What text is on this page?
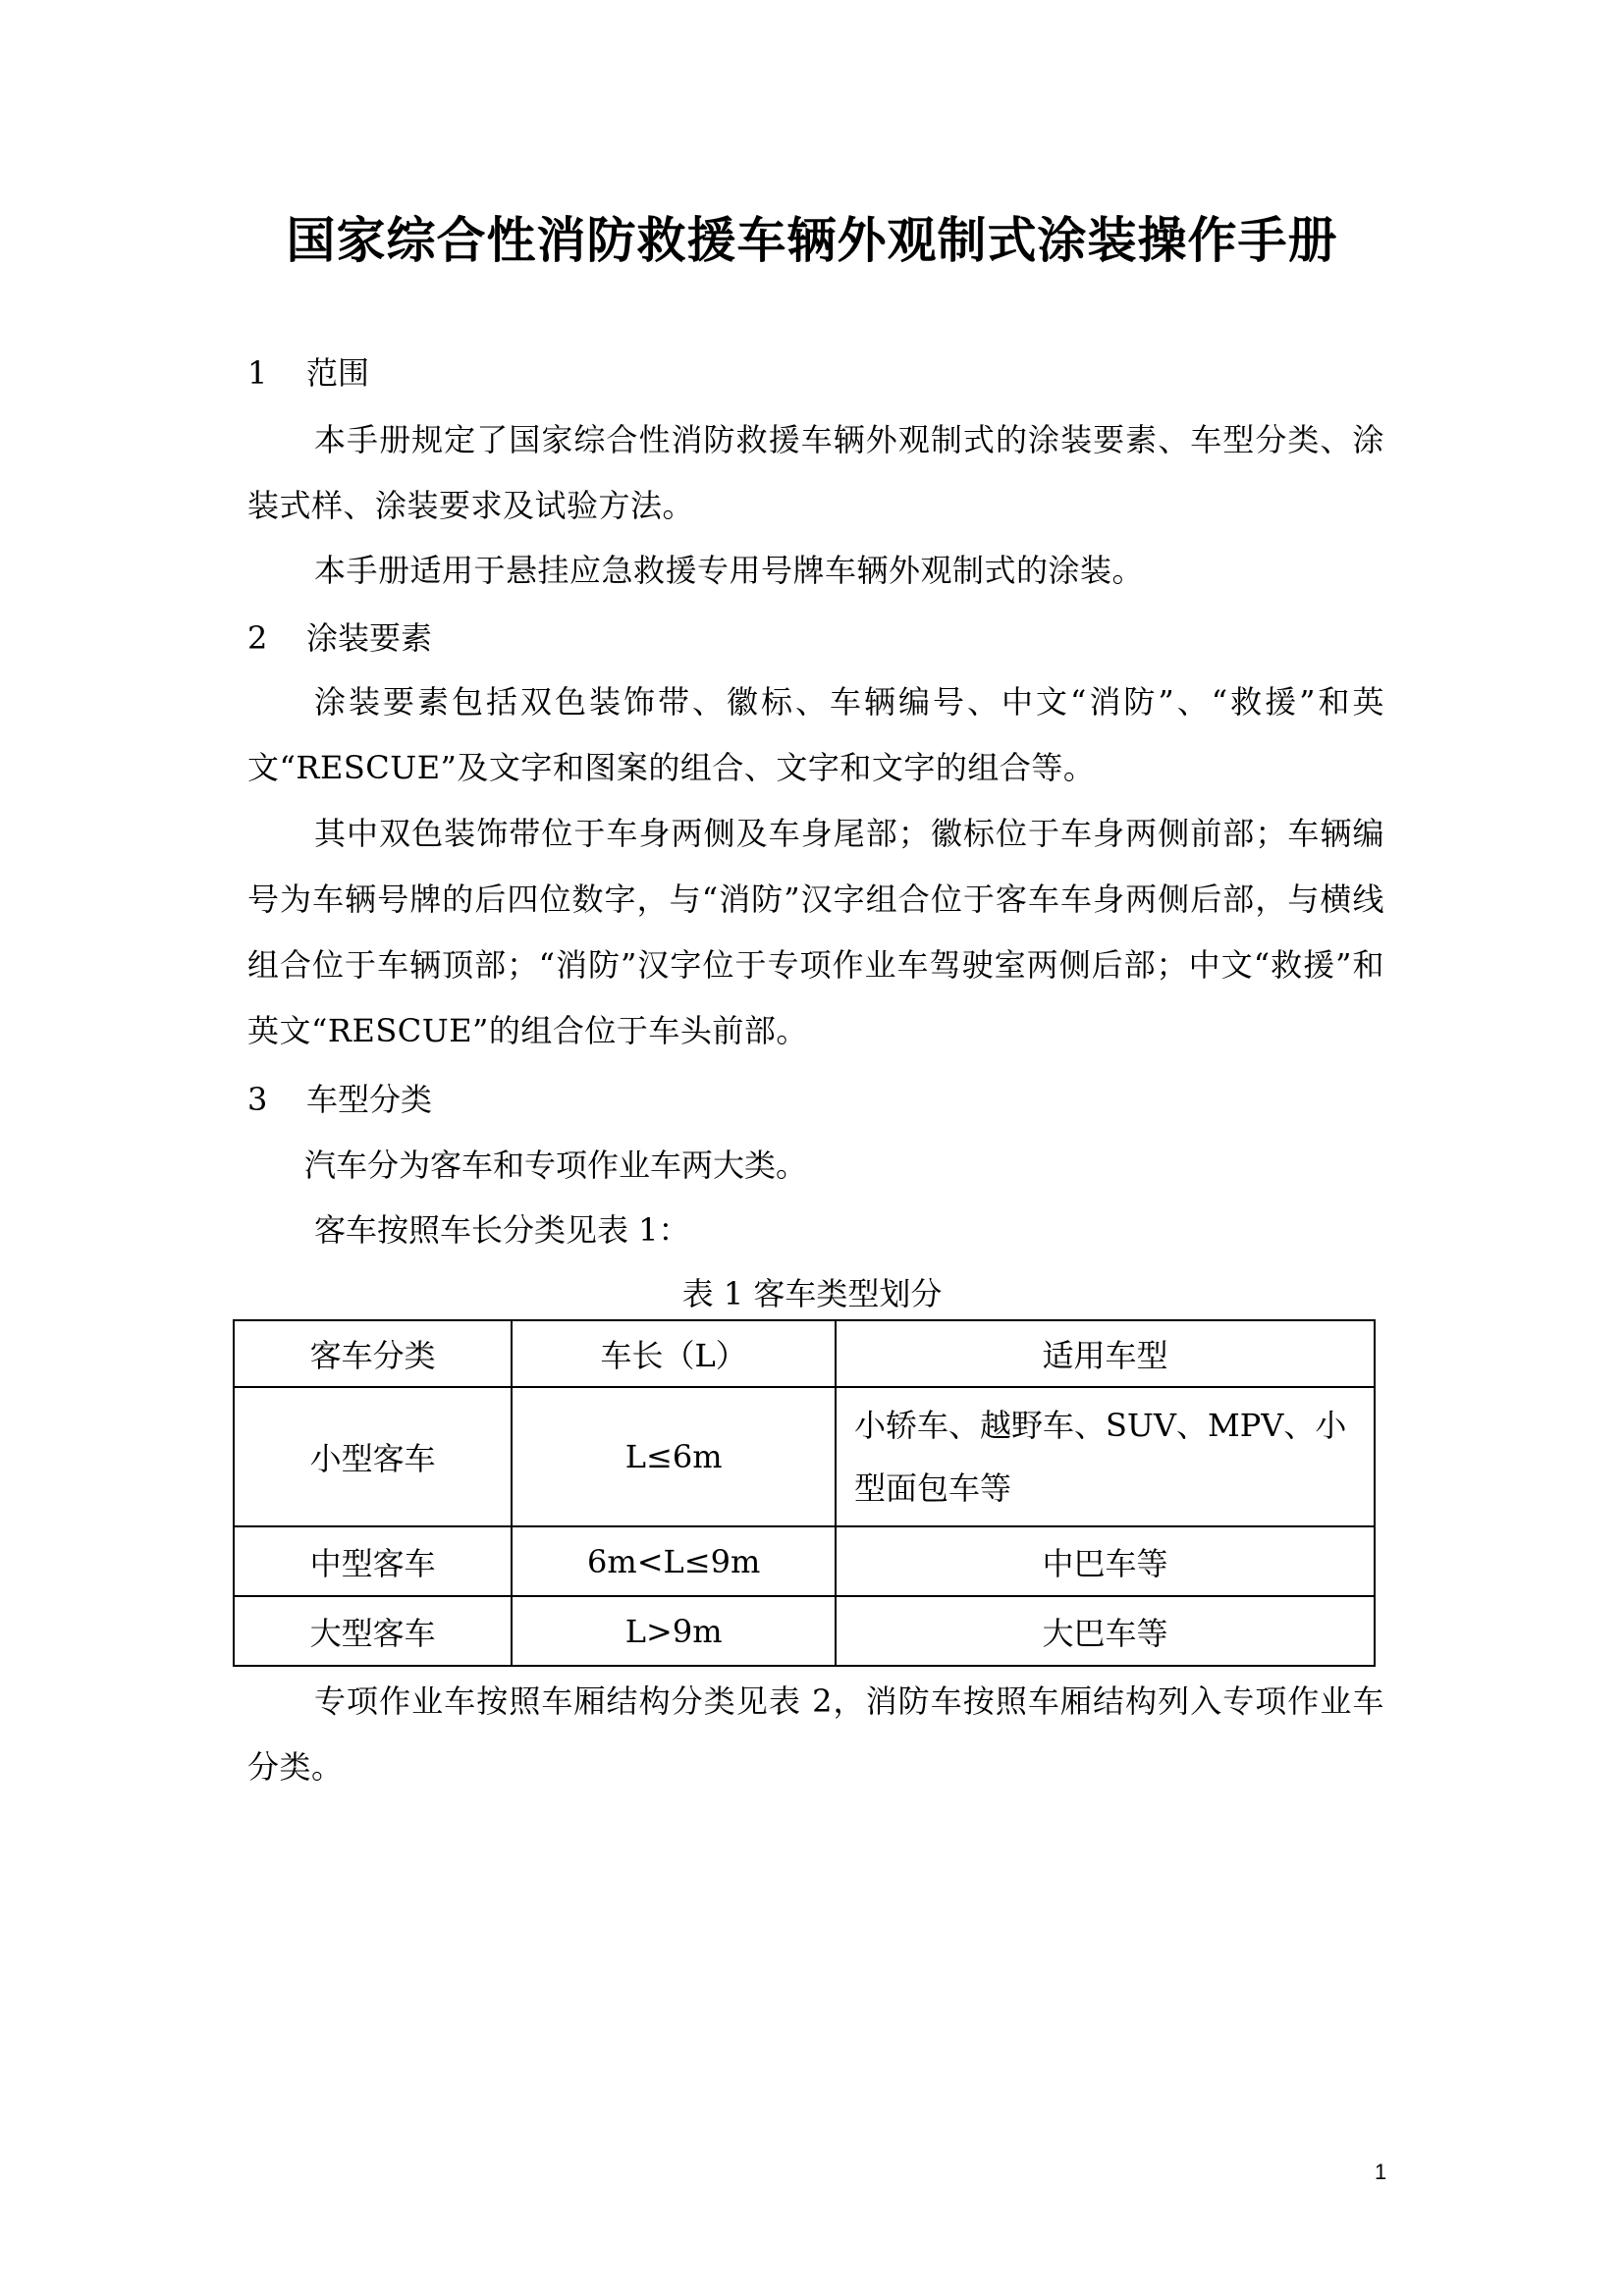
国家综合性消防救援车辆外观制式涂装操作手册
1 范围
本手册规定了国家综合性消防救援车辆外观制式的涂装要素、车型分类、涂装式样、涂装要求及试验方法。
本手册适用于悬挂应急救援专用号牌车辆外观制式的涂装。
2 涂装要素
涂装要素包括双色装饰带、徽标、车辆编号、中文“消防”、“救援”和英文“RESCUE”及文字和图案的组合、文字和文字的组合等。
其中双色装饰带位于车身两侧及车身尾部；徽标位于车身两侧前部；车辆编号为车辆号牌的后四位数字，与“消防”汉字组合位于客车车身两侧后部，与横线组合位于车辆顶部；“消防”汉字位于专项作业车驾驶室两侧后部；中文“救援”和英文“RESCUE”的组合位于车头前部。
3 车型分类
汽车分为客车和专项作业车两大类。
客车按照车长分类见表 1：
表 1 客车类型划分
客车分类	车长（L）	适用车型
小型客车	L≤6m	小轿车、越野车、SUV、MPV、小型面包车等
中型客车	6m<L≤9m	中巴车等
大型客车	L>9m	大巴车等
专项作业车按照车厢结构分类见表 2，消防车按照车厢结构列入专项作业车分类。
1
